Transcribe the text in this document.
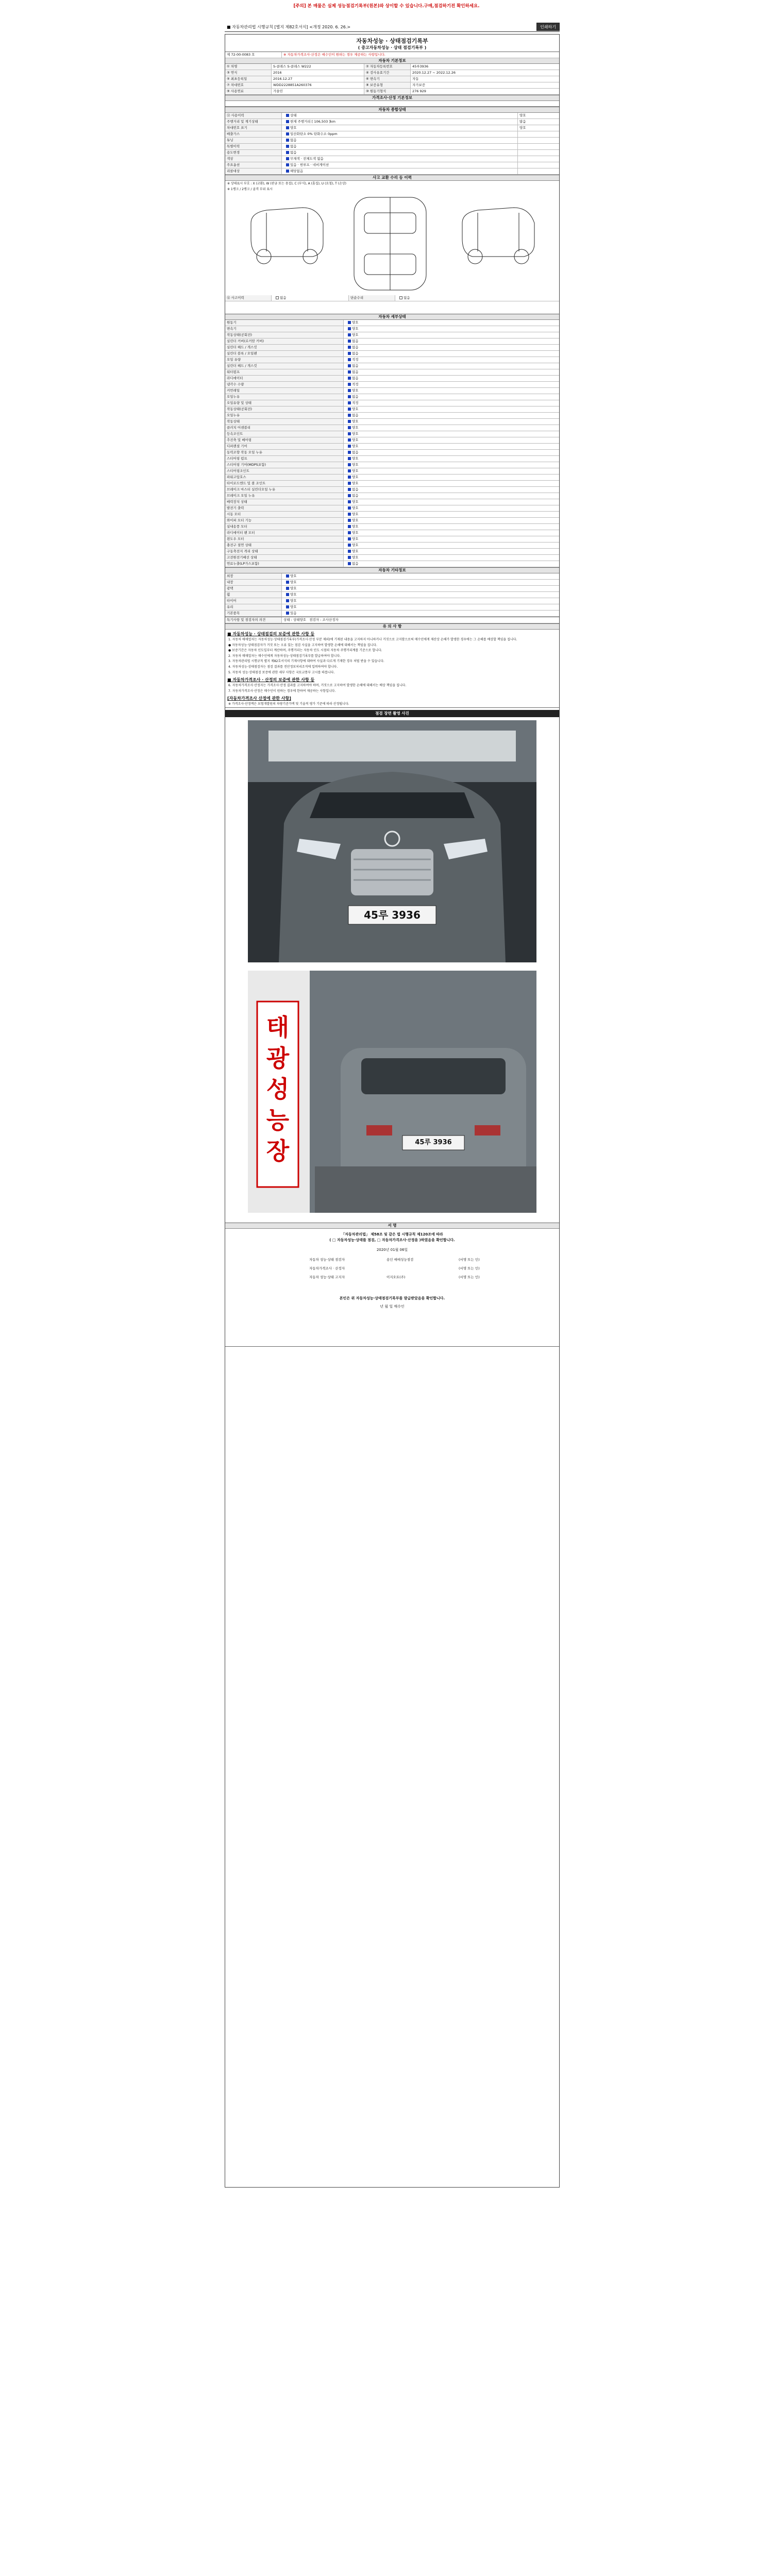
[주의] 본 매물은 실제 성능점검기록부(원본)와 상이할 수 있습니다.구매,점검하기전 확인하세요.
■ 자동차관리법 시행규칙 [별지 제82호서식] <개정 2020. 6. 26.>	인쇄하기
자동차성능 · 상태점검기록부
( 중고자동차성능 · 상태 점검기록부 )
제 72-00-0083 호	※ 자동차가격조사·산정은 매수인이 원하는 경우 제공하는 사항입니다.
자동차 기본정보
① 차명	S-클래스 S-클래스 W222	② 자동차등록번호	45루3936
③ 연식	2016	④ 검사유효기간	2020.12.27 ~ 2022.12.26
⑤ 최초등록일	2016.12.27	⑥ 변속기	자동
⑦ 차대번호	WDD2228851A260376	⑧ 보증유형	자가보증
⑨ 사용연료	가솔린	⑩ 원동기형식	276 929
가격조사·산정 기본정보
자동차 종합상태
⑪ 사용이력	상태	양호
주행거리 및 계기상태	현재 주행거리 [ 106,503 ]km	많음
차대번호 표기	양호	양호
배출가스	일산화탄소 0% 탄화수소 0ppm
튜닝	없음
특별이력	없음
용도변경	없음
색상	무채색 · 전체도색 없음
주요옵션	있음 · 썬루프 · 네비게이션
리콜대상	해당없음
사고 교환 수리 등 이력
※ 상태표시 부호 : X (교환), W (판금 또는 용접), C (부식), A (흠집), U (요철), T (손상)
※ 1랭크 / 2랭크 / 골격 부위 표시
⑫ 사고이력	없음	단순수리	없음
자동차 세부상태
원동기	양호
변속기	양호
작동상태(공회전)	양호
실린더 커버(로커암 커버)	없음
실린더 헤드 / 개스킷	없음
실린더 블록 / 오일팬	없음
오일 유량	적정
실린더 헤드 / 개스킷	없음
워터펌프	없음
라디에이터	없음
냉각수 수량	적정
커먼레일	양호
오일누유	없음
오일유량 및 상태	적정
작동상태(공회전)	양호
오일누유	없음
작동상태	양호
클러치 어셈블리	양호
등속조인트	양호
추진축 및 베어링	양호
디퍼렌셜 기어	양호
동력조향 작동 오일 누유	없음
스티어링 펌프	양호
스티어링 기어(MDPS포함)	양호
스티어링조인트	양호
파워고압호스	양호
타이로드엔드 및 볼 조인트	양호
브레이크 마스터 실린더오일 누유	없음
브레이크 오일 누유	없음
배력장치 상태	양호
발전기 출력	양호
시동 모터	양호
와이퍼 모터 기능	양호
실내송풍 모터	양호
라디에이터 팬 모터	양호
윈도우 모터	양호
충전구 절연 상태	양호
구동축전지 격리 상태	양호
고전원전기배선 상태	양호
연료누출(LP가스포함)	없음
자동차 기타정보
외장	양호
내장	양호
광택	양호
휠	양호
타이어	양호
유리	양호
기본품목	있음
특기사항 및 점검자의 의견	상태 : 상태양호 점검자 : 조사산정자
유 의 사 항
■ 자동차성능 · 상태점검의 보증에 관한 사항 등
1. 자동차 매매업자는 자동차성능·상태점검기록부(가격조사·산정 부분 제외)에 기재된 내용을 고지하지 아니하거나 거짓으로 고지함으로써 매수인에게 재산상 손해가 발생한 경우에는 그 손해를 배상할 책임을 집니다.
● 자동차성능·상태점검자가 거짓 또는 오류 있는 점검 사실을 고지하여 발생한 손해에 대해서는 책임을 집니다.
● 보증기간은 자동차 인도일부터 계산하며, 주행거리는 자동차 인도 시점의 자동차 주행거리계를 기준으로 합니다.
2. 자동차 매매업자는 매수인에게 자동차성능·상태점검기록부를 발급하여야 합니다.
3. 자동차관리법 시행규칙 별지 제82호서식의 기재사항에 대하여 사실과 다르게 기재한 경우 처벌 받을 수 있습니다.
4. 자동차성능·상태점검자는 점검 결과를 전산정보처리조직에 입력하여야 합니다.
5. 자동차 성능·상태점검 보증에 관한 세부 사항은 국토교통부 고시를 따릅니다.
■ 자동차가격조사 · 산정의 보증에 관한 사항 등
6. 자동차가격조사·산정자는 가격조사·산정 결과를 고지하여야 하며, 거짓으로 고지하여 발생한 손해에 대해서는 배상 책임을 집니다.
7. 자동차가격조사·산정은 매수인이 원하는 경우에 한하여 제공하는 사항입니다.
[자동차가격조사 산정에 관한 사항]
※ 가격조사·산정액은 보험개발원의 차량기준가액 및 기술적 평가 기준에 따라 산정됩니다.
점검 장면 촬영 사진
45루 3936
태
광
성
능
장	45루 3936
서 명
「자동차관리법」 제58조 및 같은 법 시행규칙 제120조에 따라
( □ 자동차성능·상태를 점검, □ 자동차가격조사·산정을 )하였음을 확인합니다.
2020년 01월 06일
자동차 성능·상태 점검자	용인 매매성능점검	(서명 또는 인)
자동차가격조사 · 산정자	(서명 또는 인)
자동차 성능·상태 고지자	이지오토(주)	(서명 또는 인)
본인은 위 자동차성능·상태점검기록부를 발급받았음을 확인합니다.
년 월 일 매수인
